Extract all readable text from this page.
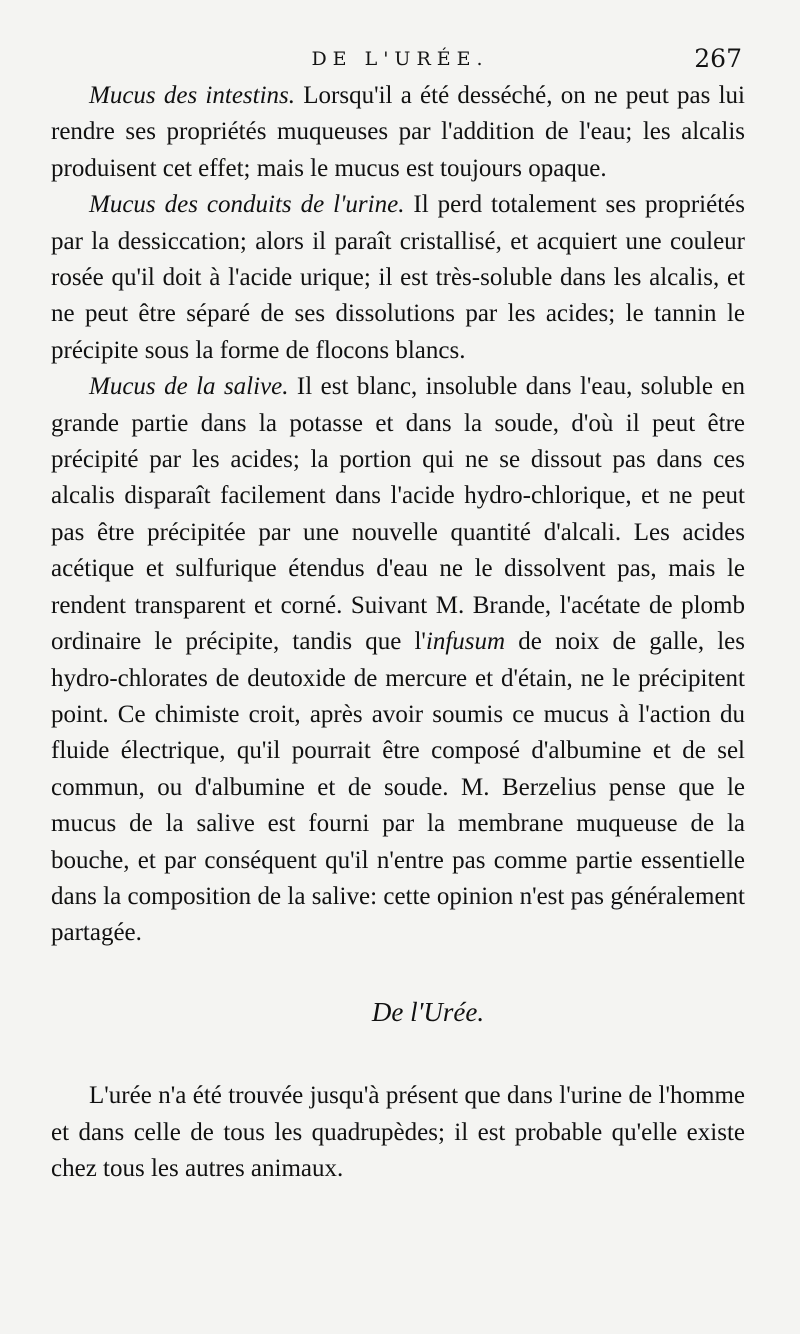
DE L'URÉE.	267

Mucus des intestins. Lorsqu'il a été desséché, on ne peut pas lui rendre ses propriétés muqueuses par l'addition de l'eau; les alcalis produisent cet effet; mais le mucus est toujours opaque.

Mucus des conduits de l'urine. Il perd totalement ses propriétés par la dessiccation; alors il paraît cristallisé, et acquiert une couleur rosée qu'il doit à l'acide urique; il est très-soluble dans les alcalis, et ne peut être séparé de ses dissolutions par les acides; le tannin le précipite sous la forme de flocons blancs.

Mucus de la salive. Il est blanc, insoluble dans l'eau, soluble en grande partie dans la potasse et dans la soude, d'où il peut être précipité par les acides; la portion qui ne se dissout pas dans ces alcalis disparaît facilement dans l'acide hydro-chlorique, et ne peut pas être précipitée par une nouvelle quantité d'alcali. Les acides acétique et sulfurique étendus d'eau ne le dissolvent pas, mais le rendent transparent et corné. Suivant M. Brande, l'acétate de plomb ordinaire le précipite, tandis que l'infusum de noix de galle, les hydro-chlorates de deutoxide de mercure et d'étain, ne le précipitent point. Ce chimiste croit, après avoir soumis ce mucus à l'action du fluide électrique, qu'il pourrait être composé d'albumine et de sel commun, ou d'albumine et de soude. M. Berzelius pense que le mucus de la salive est fourni par la membrane muqueuse de la bouche, et par conséquent qu'il n'entre pas comme partie essentielle dans la composition de la salive: cette opinion n'est pas généralement partagée.

De l'Urée.

L'urée n'a été trouvée jusqu'à présent que dans l'urine de l'homme et dans celle de tous les quadrupèdes; il est probable qu'elle existe chez tous les autres animaux.
